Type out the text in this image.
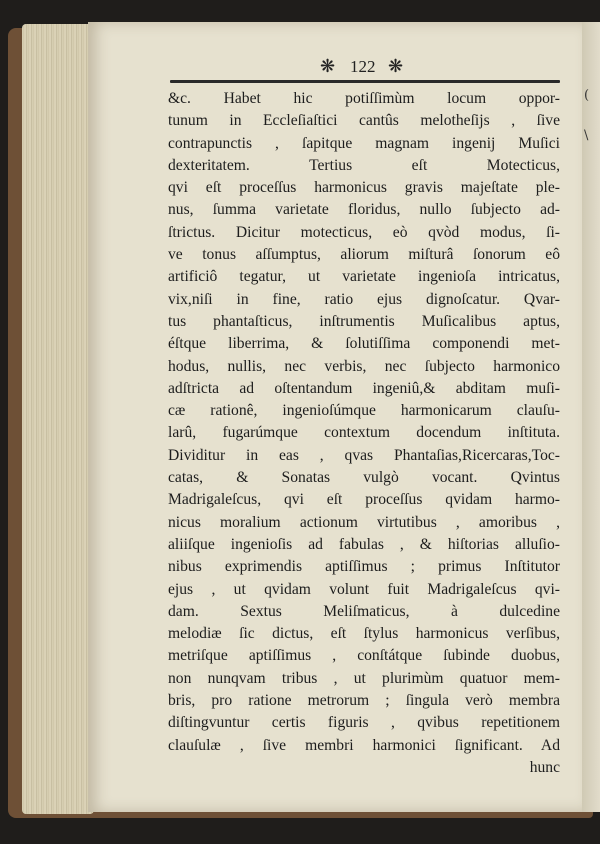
(
\
❋ 122 ❋
&c. Habet hic potiſſimùm locum oppor-
tunum in Eccleſiaſtici cantûs melotheſijs , ſive
contrapunctis , ſapitque magnam ingenij Muſici
dexteritatem. Tertius eſt Motecticus,
qvi eſt proceſſus harmonicus gravis majeſtate ple-
nus, ſumma varietate floridus, nullo ſubjecto ad-
ſtrictus. Dicitur motecticus, eò qvòd modus, ſi-
ve tonus aſſumptus, aliorum miſturâ ſonorum eô
artificiô tegatur, ut varietate ingenioſa intricatus,
vix,niſi in fine, ratio ejus dignoſcatur. Qvar-
tus phantaſticus, inſtrumentis Muſicalibus aptus,
éſtque liberrima, & ſolutiſſima componendi met-
hodus, nullis, nec verbis, nec ſubjecto harmonico
adſtricta ad oſtentandum ingeniû,& abditam muſi-
cæ rationê, ingenioſúmque harmonicarum clauſu-
larû, fugarúmque contextum docendum inſtituta.
Dividitur in eas , qvas Phantaſias,Ricercaras,Toc-
catas, & Sonatas vulgò vocant. Qvintus
Madrigaleſcus, qvi eſt proceſſus qvidam harmo-
nicus moralium actionum virtutibus , amoribus ,
aliiſque ingenioſis ad fabulas , & hiſtorias alluſio-
nibus exprimendis aptiſſimus ; primus Inſtitutor
ejus , ut qvidam volunt fuit Madrigaleſcus qvi-
dam. Sextus Meliſmaticus, à dulcedine
melodiæ ſic dictus, eſt ſtylus harmonicus verſibus,
metriſque aptiſſimus , conſtátque ſubinde duobus,
non nunqvam tribus , ut plurimùm quatuor mem-
bris, pro ratione metrorum ; ſingula verò membra
diſtingvuntur certis figuris , qvibus repetitionem
clauſulæ , ſive membri harmonici ſignificant. Ad
hunc
